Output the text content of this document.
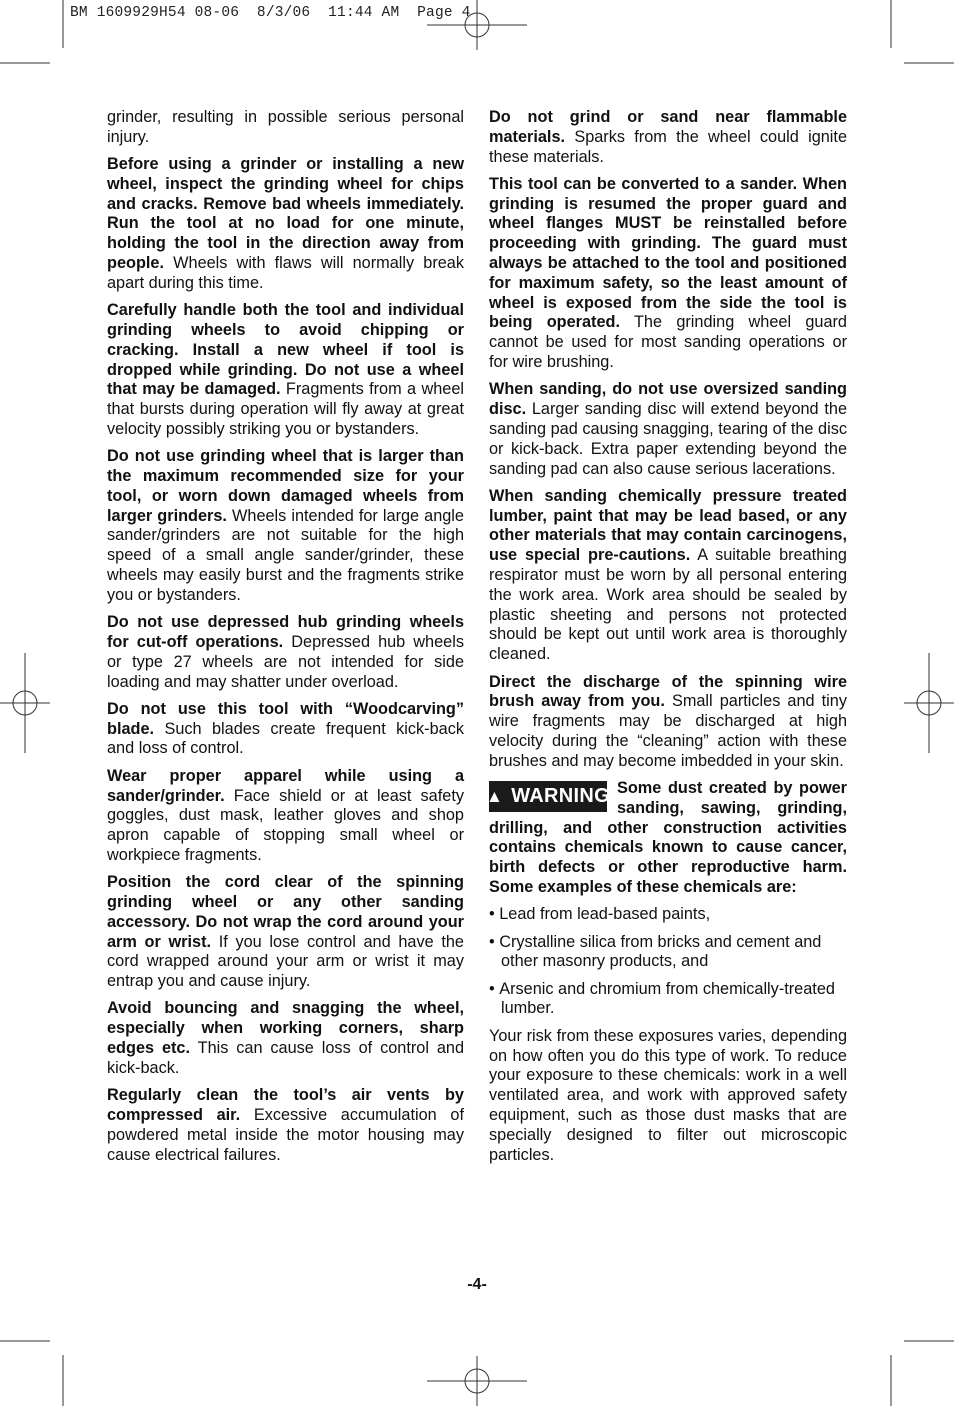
BM 1609929H54 08-06  8/3/06  11:44 AM  Page 4

grinder, resulting in possible serious personal injury.

Before using a grinder or installing a new wheel, inspect the grinding wheel for chips and cracks. Remove bad wheels immediately. Run the tool at no load for one minute, holding the tool in the direction away from people. Wheels with flaws will normally break apart during this time.

Carefully handle both the tool and individual grinding wheels to avoid chipping or cracking. Install a new wheel if tool is dropped while grinding. Do not use a wheel that may be damaged. Fragments from a wheel that bursts during operation will fly away at great velocity possibly striking you or bystanders.

Do not use grinding wheel that is larger than the maximum recommended size for your tool, or worn down damaged wheels from larger grinders. Wheels intended for large angle sander/grinders are not suitable for the high speed of a small angle sander/grinder, these wheels may easily burst and the fragments strike you or bystanders.

Do not use depressed hub grinding wheels for cut-off operations. Depressed hub wheels or type 27 wheels are not intended for side loading and may shatter under overload.

Do not use this tool with “Woodcarving” blade. Such blades create frequent kick-back and loss of control.

Wear proper apparel while using a sander/grinder. Face shield or at least safety goggles, dust mask, leather gloves and shop apron capable of stopping small wheel or workpiece fragments.

Position the cord clear of the spinning grinding wheel or any other sanding accessory. Do not wrap the cord around your arm or wrist. If you lose control and have the cord wrapped around your arm or wrist it may entrap you and cause injury.

Avoid bouncing and snagging the wheel, especially when working corners, sharp edges etc. This can cause loss of control and kick-back.

Regularly clean the tool’s air vents by compressed air. Excessive accumulation of powdered metal inside the motor housing may cause electrical failures.

Do not grind or sand near flammable materials. Sparks from the wheel could ignite these materials.

This tool can be converted to a sander. When grinding is resumed the proper guard and wheel flanges MUST be reinstalled before proceeding with grinding. The guard must always be attached to the tool and positioned for maximum safety, so the least amount of wheel is exposed from the side the tool is being operated. The grinding wheel guard cannot be used for most sanding operations or for wire brushing.

When sanding, do not use oversized sanding disc. Larger sanding disc will extend beyond the sanding pad causing snagging, tearing of the disc or kick-back. Extra paper extending beyond the sanding pad can also cause serious lacerations.

When sanding chemically pressure treated lumber, paint that may be lead based, or any other materials that may contain carcinogens, use special pre-cautions. A suitable breathing respirator must be worn by all personal entering the work area. Work area should be sealed by plastic sheeting and persons not protected should be kept out until work area is thoroughly cleaned.

Direct the discharge of the spinning wire brush away from you. Small particles and tiny wire fragments may be discharged at high velocity during the “cleaning” action with these brushes and may become imbedded in your skin.

▲ WARNING Some dust created by power sanding, sawing, grinding, drilling, and other construction activities contains chemicals known to cause cancer, birth defects or other reproductive harm. Some examples of these chemicals are:

• Lead from lead-based paints,
• Crystalline silica from bricks and cement and other masonry products, and
• Arsenic and chromium from chemically-treated lumber.

Your risk from these exposures varies, depending on how often you do this type of work. To reduce your exposure to these chemicals: work in a well ventilated area, and work with approved safety equipment, such as those dust masks that are specially designed to filter out microscopic particles.

-4-
